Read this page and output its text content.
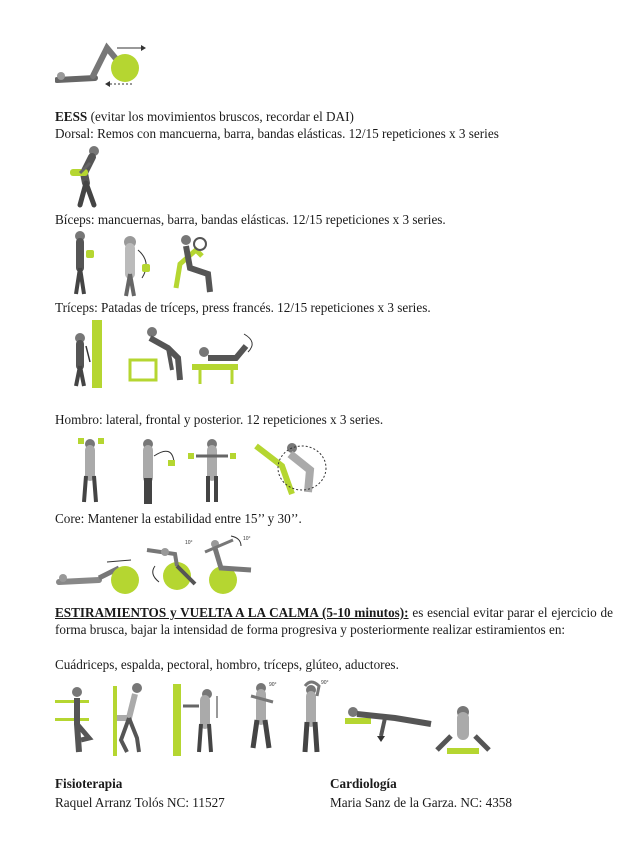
EESS (evitar los movimientos bruscos, recordar el DAI)
Dorsal: Remos con mancuerna, barra, bandas elásticas. 12/15 repeticiones x 3 series
Bíceps: mancuernas, barra, bandas elásticas. 12/15 repeticiones x 3 series.
Tríceps: Patadas de tríceps, press francés. 12/15 repeticiones x 3 series.
Hombro: lateral, frontal y posterior. 12 repeticiones x 3 series.
Core: Mantener la estabilidad entre 15’’ y 30’’.
10°
10°
ESTIRAMIENTOS y VUELTA A LA CALMA (5-10 minutos): es esencial evitar parar el ejercicio de forma brusca, bajar la intensidad de forma progresiva y posteriormente realizar estiramientos en:
Cuádriceps, espalda, pectoral, hombro, tríceps, glúteo, aductores.
90°	90°
Fisioterapia
Raquel Arranz Tolós NC: 11527
Cardiología
Maria Sanz de la Garza. NC: 4358
